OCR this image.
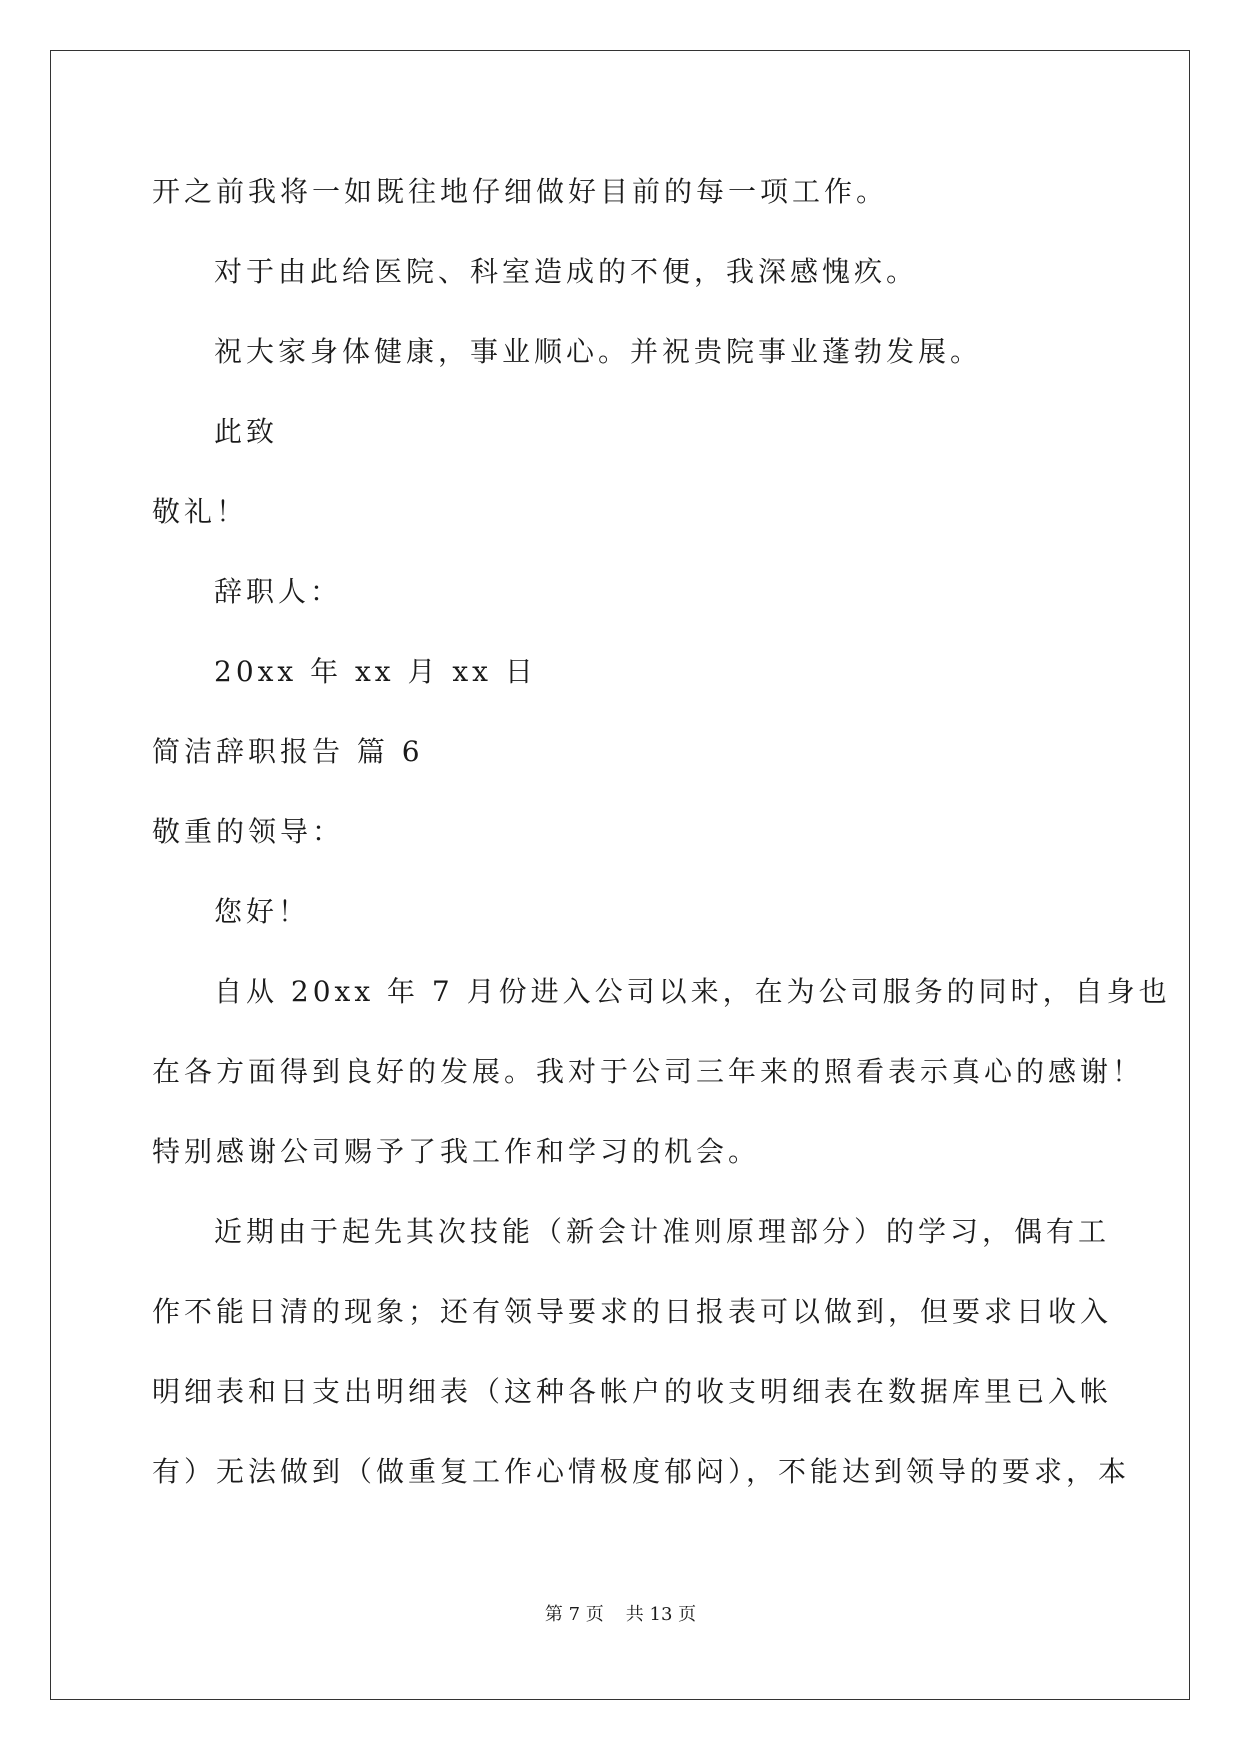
开之前我将一如既往地仔细做好目前的每一项工作。
对于由此给医院、科室造成的不便，我深感愧疚。
祝大家身体健康，事业顺心。并祝贵院事业蓬勃发展。
此致
敬礼！
辞职人：
20xx 年 xx 月 xx 日
简洁辞职报告 篇 6
敬重的领导：
您好！
自从 20xx 年 7 月份进入公司以来，在为公司服务的同时，自身也
在各方面得到良好的发展。我对于公司三年来的照看表示真心的感谢！
特别感谢公司赐予了我工作和学习的机会。
近期由于起先其次技能（新会计准则原理部分）的学习，偶有工
作不能日清的现象；还有领导要求的日报表可以做到，但要求日收入
明细表和日支出明细表（这种各帐户的收支明细表在数据库里已入帐
有）无法做到（做重复工作心情极度郁闷），不能达到领导的要求，本
第 7 页 共 13 页
